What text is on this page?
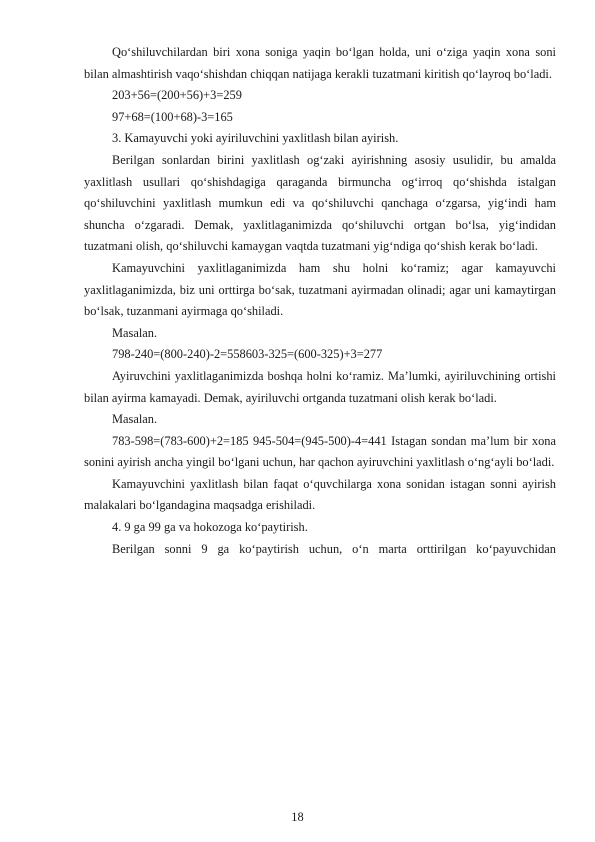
Qo‘shiluvchilardan biri xona soniga yaqin bo‘lgan holda, uni o‘ziga yaqin xona soni bilan almashtirish vaqo‘shishdan chiqqan natijaga kerakli tuzatmani kiritish qo‘layroq bo‘ladi.

203+56=(200+56)+3=259

97+68=(100+68)-3=165

3. Kamayuvchi yoki ayiriluvchini yaxlitlash bilan ayirish.

Berilgan sonlardan birini yaxlitlash og‘zaki ayirishning asosiy usulidir, bu amalda yaxlitlash usullari qo‘shishdagiga qaraganda birmuncha og‘irroq qo‘shishda istalgan qo‘shiluvchini yaxlitlash mumkun edi va qo‘shiluvchi qanchaga o‘zgarsa, yig‘indi ham shuncha o‘zgaradi. Demak, yaxlitlaganimizda qo‘shiluvchi ortgan bo‘lsa, yig‘indidan tuzatmani olish, qo‘shiluvchi kamaygan vaqtda tuzatmani yig‘ndiga qo‘shish kerak bo‘ladi.

Kamayuvchini yaxlitlaganimizda ham shu holni ko‘ramiz; agar kamayuvchi yaxlitlaganimizda, biz uni orttirga bo‘sak, tuzatmani ayirmadan olinadi; agar uni kamaytirgan bo‘lsak, tuzanmani ayirmaga qo‘shiladi.

Masalan.

798-240=(800-240)-2=558603-325=(600-325)+3=277

Ayiruvchini yaxlitlaganimizda boshqa holni ko‘ramiz. Ma’lumki, ayiriluvchining ortishi bilan ayirma kamayadi. Demak, ayiriluvchi ortganda tuzatmani olish kerak bo‘ladi.

Masalan.

783-598=(783-600)+2=185 945-504=(945-500)-4=441 Istagan sondan ma’lum bir xona sonini ayirish ancha yingil bo‘lgani uchun, har qachon ayiruvchini yaxlitlash o‘ng‘ayli bo‘ladi.

Kamayuvchini yaxlitlash bilan faqat o‘quvchilarga xona sonidan istagan sonni ayirish malakalari bo‘lgandagina maqsadga erishiladi.

4. 9 ga 99 ga va hokozoga ko‘paytirish.

Berilgan sonni 9 ga ko‘paytirish uchun, o‘n marta orttirilgan ko‘payuvchidan

18
